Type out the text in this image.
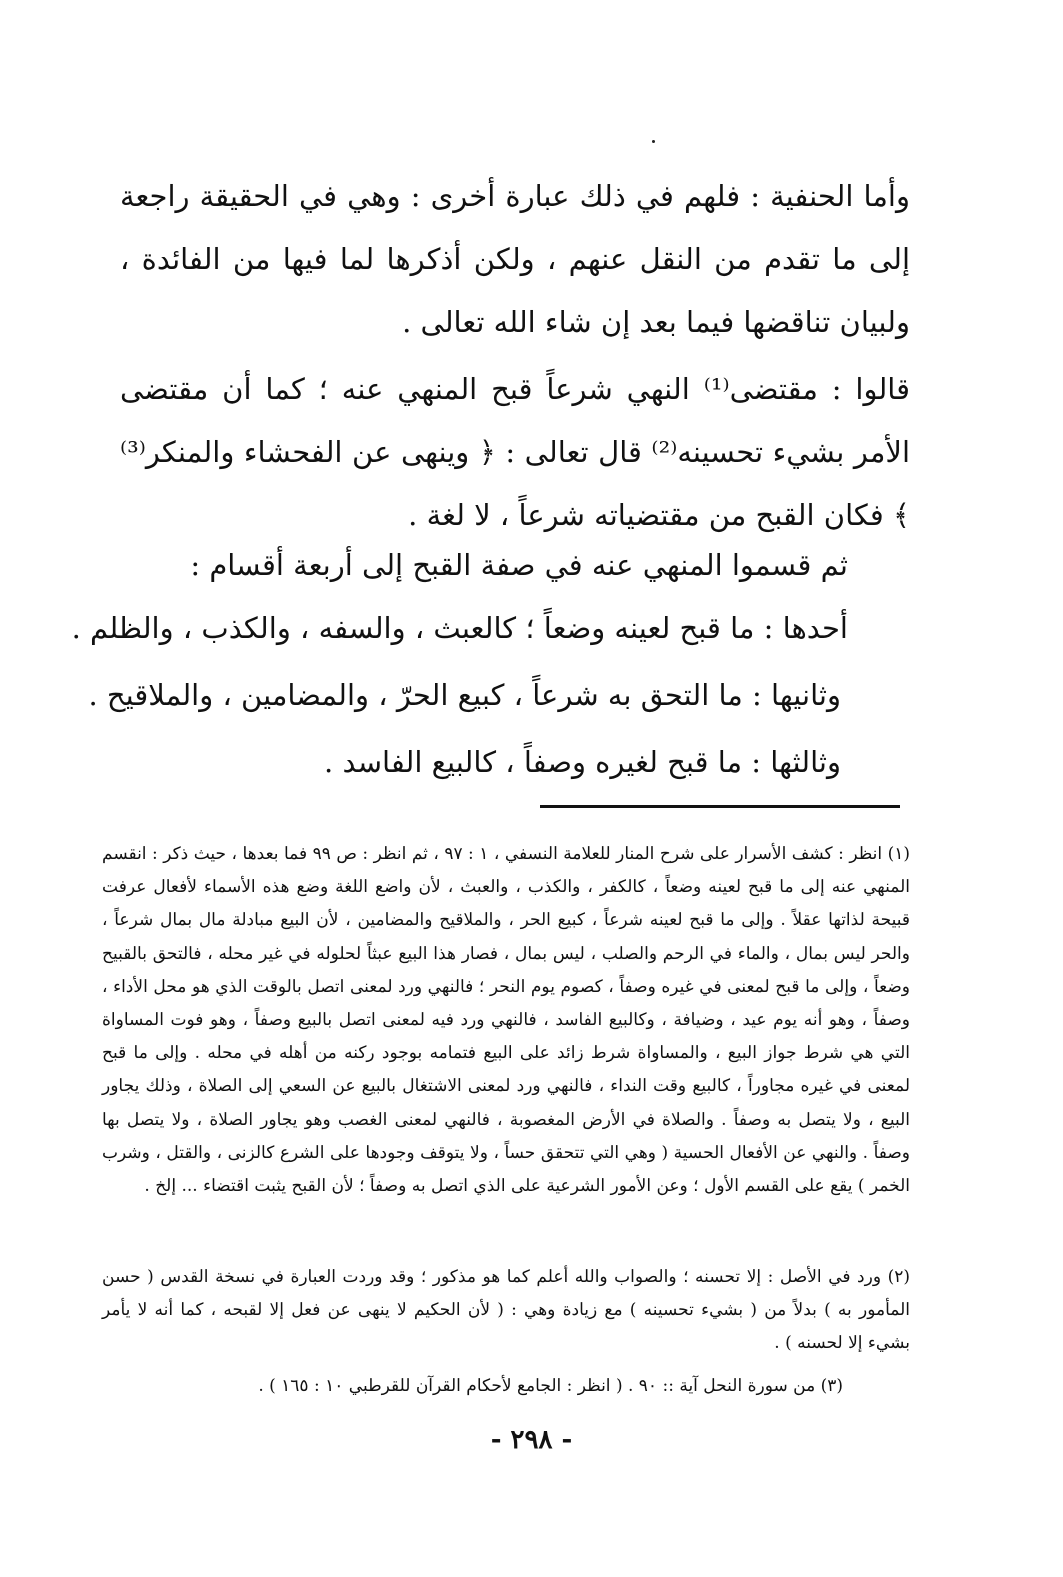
وأما الحنفية : فلهم في ذلك عبارة أخرى : وهي في الحقيقة راجعة إلى ما تقدم من النقل عنهم ، ولكن أذكرها لما فيها من الفائدة ، ولبيان تناقضها فيما بعد إن شاء الله تعالى .
قالوا : مقتضى⁽¹⁾ النهي شرعاً قبح المنهي عنه ؛ كما أن مقتضى الأمر بشيء تحسينه⁽²⁾ قال تعالى : ﴿ وينهى عن الفحشاء والمنكر⁽³⁾ ﴾ فكان القبح من مقتضياته شرعاً ، لا لغة .
ثم قسموا المنهي عنه في صفة القبح إلى أربعة أقسام :
أحدها : ما قبح لعينه وضعاً ؛ كالعبث ، والسفه ، والكذب ، والظلم .
وثانيها : ما التحق به شرعاً ، كبيع الحرّ ، والمضامين ، والملاقيح .
وثالثها : ما قبح لغيره وصفاً ، كالبيع الفاسد .
(١) انظر : كشف الأسرار على شرح المنار للعلامة النسفي ، ١ : ٩٧ ، ثم انظر : ص ٩٩ فما بعدها ، حيث ذكر : انقسم المنهي عنه إلى ما قبح لعينه وضعاً ، كالكفر ، والكذب ، والعبث ، لأن واضع اللغة وضع هذه الأسماء لأفعال عرفت قبيحة لذاتها عقلاً . وإلى ما قبح لعينه شرعاً ، كبيع الحر ، والملاقيح والمضامين ، لأن البيع مبادلة مال بمال شرعاً ، والحر ليس بمال ، والماء في الرحم والصلب ، ليس بمال ، فصار هذا البيع عبثاً لحلوله في غير محله ، فالتحق بالقبيح وضعاً ، وإلى ما قبح لمعنى في غيره وصفاً ، كصوم يوم النحر ؛ فالنهي ورد لمعنى اتصل بالوقت الذي هو محل الأداء ، وصفاً ، وهو أنه يوم عيد ، وضيافة ، وكالبيع الفاسد ، فالنهي ورد فيه لمعنى اتصل بالبيع وصفاً ، وهو فوت المساواة التي هي شرط جواز البيع ، والمساواة شرط زائد على البيع فتمامه بوجود ركنه من أهله في محله . وإلى ما قبح لمعنى في غيره مجاوراً ، كالبيع وقت النداء ، فالنهي ورد لمعنى الاشتغال بالبيع عن السعي إلى الصلاة ، وذلك يجاور البيع ، ولا يتصل به وصفاً . والصلاة في الأرض المغصوبة ، فالنهي لمعنى الغصب وهو يجاور الصلاة ، ولا يتصل بها وصفاً . والنهي عن الأفعال الحسية ( وهي التي تتحقق حساً ، ولا يتوقف وجودها على الشرع كالزنى ، والقتل ، وشرب الخمر ) يقع على القسم الأول ؛ وعن الأمور الشرعية على الذي اتصل به وصفاً ؛ لأن القبح يثبت اقتضاء ... إلخ .
(٢) ورد في الأصل : إلا تحسنه ؛ والصواب والله أعلم كما هو مذكور ؛ وقد وردت العبارة في نسخة القدس ( حسن المأمور به ) بدلاً من ( بشيء تحسينه ) مع زيادة وهي : ( لأن الحكيم لا ينهى عن فعل إلا لقبحه ، كما أنه لا يأمر بشيء إلا لحسنه ) .
(٣) من سورة النحل آية :: ٩٠ . ( انظر : الجامع لأحكام القرآن للقرطبي ١٠ : ١٦٥ ) .
- ٢٩٨ -
